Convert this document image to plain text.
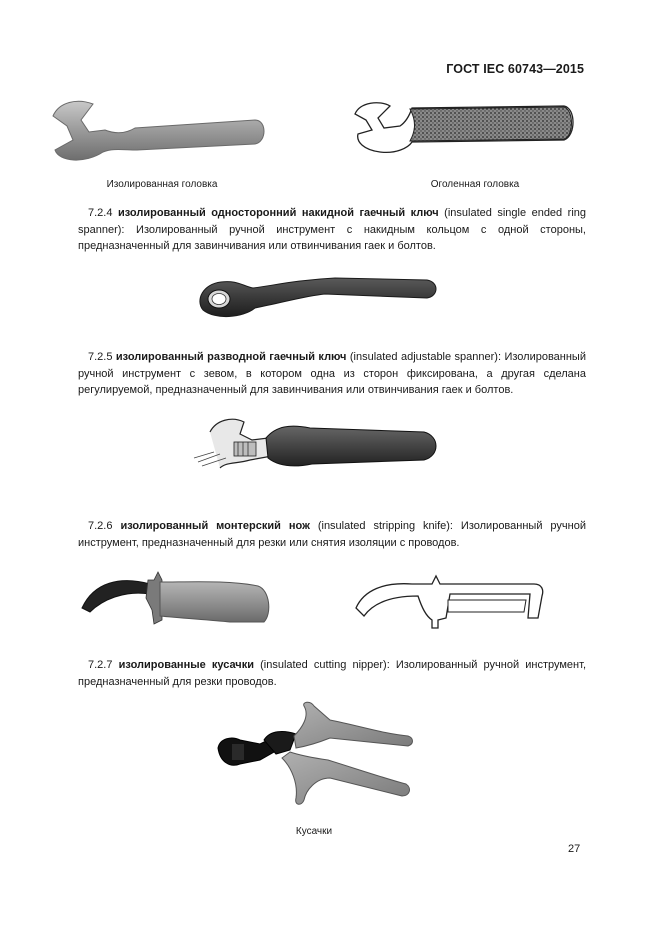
ГОСТ IEC 60743—2015
Изолированная головка	Оголенная головка

7.2.4 изолированный односторонний накидной гаечный ключ (insulated single ended ring spanner): Изолированный ручной инструмент с накидным кольцом с одной стороны, предназначенный для завинчивания или отвинчивания гаек и болтов.

7.2.5 изолированный разводной гаечный ключ (insulated adjustable spanner): Изолированный ручной инструмент с зевом, в котором одна из сторон фиксирована, а другая сделана регулируемой, предназначенный для завинчивания или отвинчивания гаек и болтов.

7.2.6 изолированный монтерский нож (insulated stripping knife): Изолированный ручной инструмент, предназначенный для резки или снятия изоляции с проводов.

7.2.7 изолированные кусачки (insulated cutting nipper): Изолированный ручной инструмент, предназначенный для резки проводов.

Кусачки
27
